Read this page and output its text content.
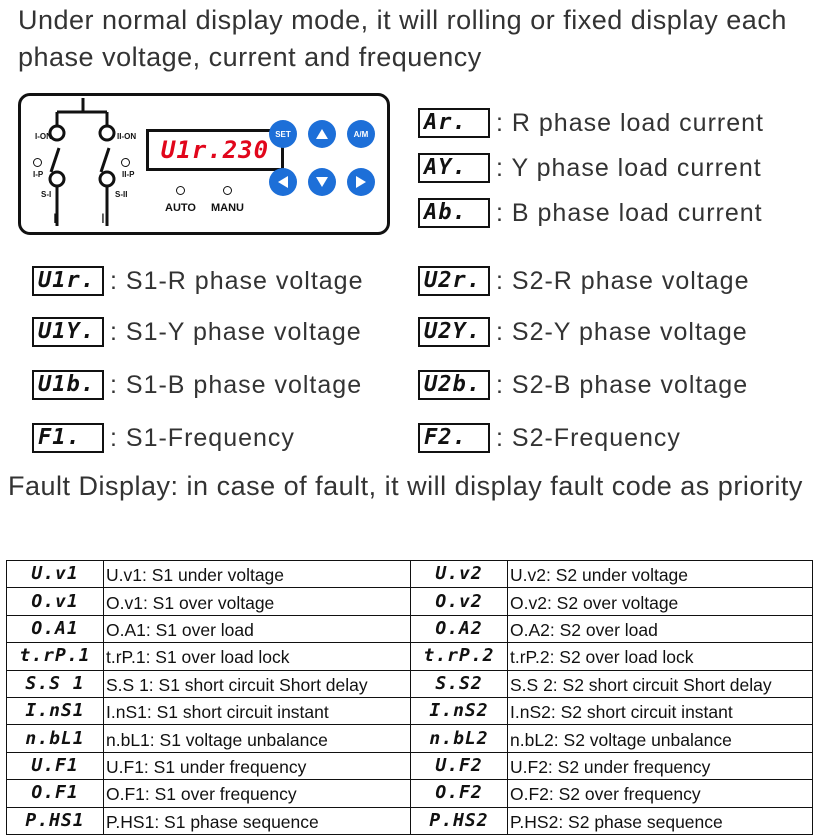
Under normal display mode, it will rolling or fixed display each phase voltage, current and frequency
I-ON	II-ON
I-P	II-P
S-I	S-II
I	II
U1r.230
SET	A/M
AUTO MANU
Ar.	: R phase load current
AY.	: Y phase load current
Ab.	: B phase load current
U1r. : S1-R phase voltage
U1Y. : S1-Y phase voltage
U1b. : S1-B phase voltage
F1.	: S1-Frequency
U2r. : S2-R phase voltage
U2Y. : S2-Y phase voltage
U2b. : S2-B phase voltage
F2.	: S2-Frequency
Fault Display: in case of fault, it will display fault code as priority
U.v1	U.v1: S1 under voltage	U.v2	U.v2: S2 under voltage
O.v1	O.v1: S1 over voltage	O.v2	O.v2: S2 over voltage
O.A1	O.A1: S1 over load	O.A2	O.A2: S2 over load
t.rP.1	t.rP.1: S1 over load lock	t.rP.2	t.rP.2: S2 over load lock
S.S 1	S.S 1: S1 short circuit Short delay	S.S2	S.S 2: S2 short circuit Short delay
I.nS1	I.nS1: S1 short circuit instant	I.nS2	I.nS2: S2 short circuit instant
n.bL1	n.bL1: S1 voltage unbalance	n.bL2	n.bL2: S2 voltage unbalance
U.F1	U.F1: S1 under frequency	U.F2	U.F2: S2 under frequency
O.F1	O.F1: S1 over frequency	O.F2	O.F2: S2 over frequency
P.HS1	P.HS1: S1 phase sequence	P.HS2	P.HS2: S2 phase sequence
